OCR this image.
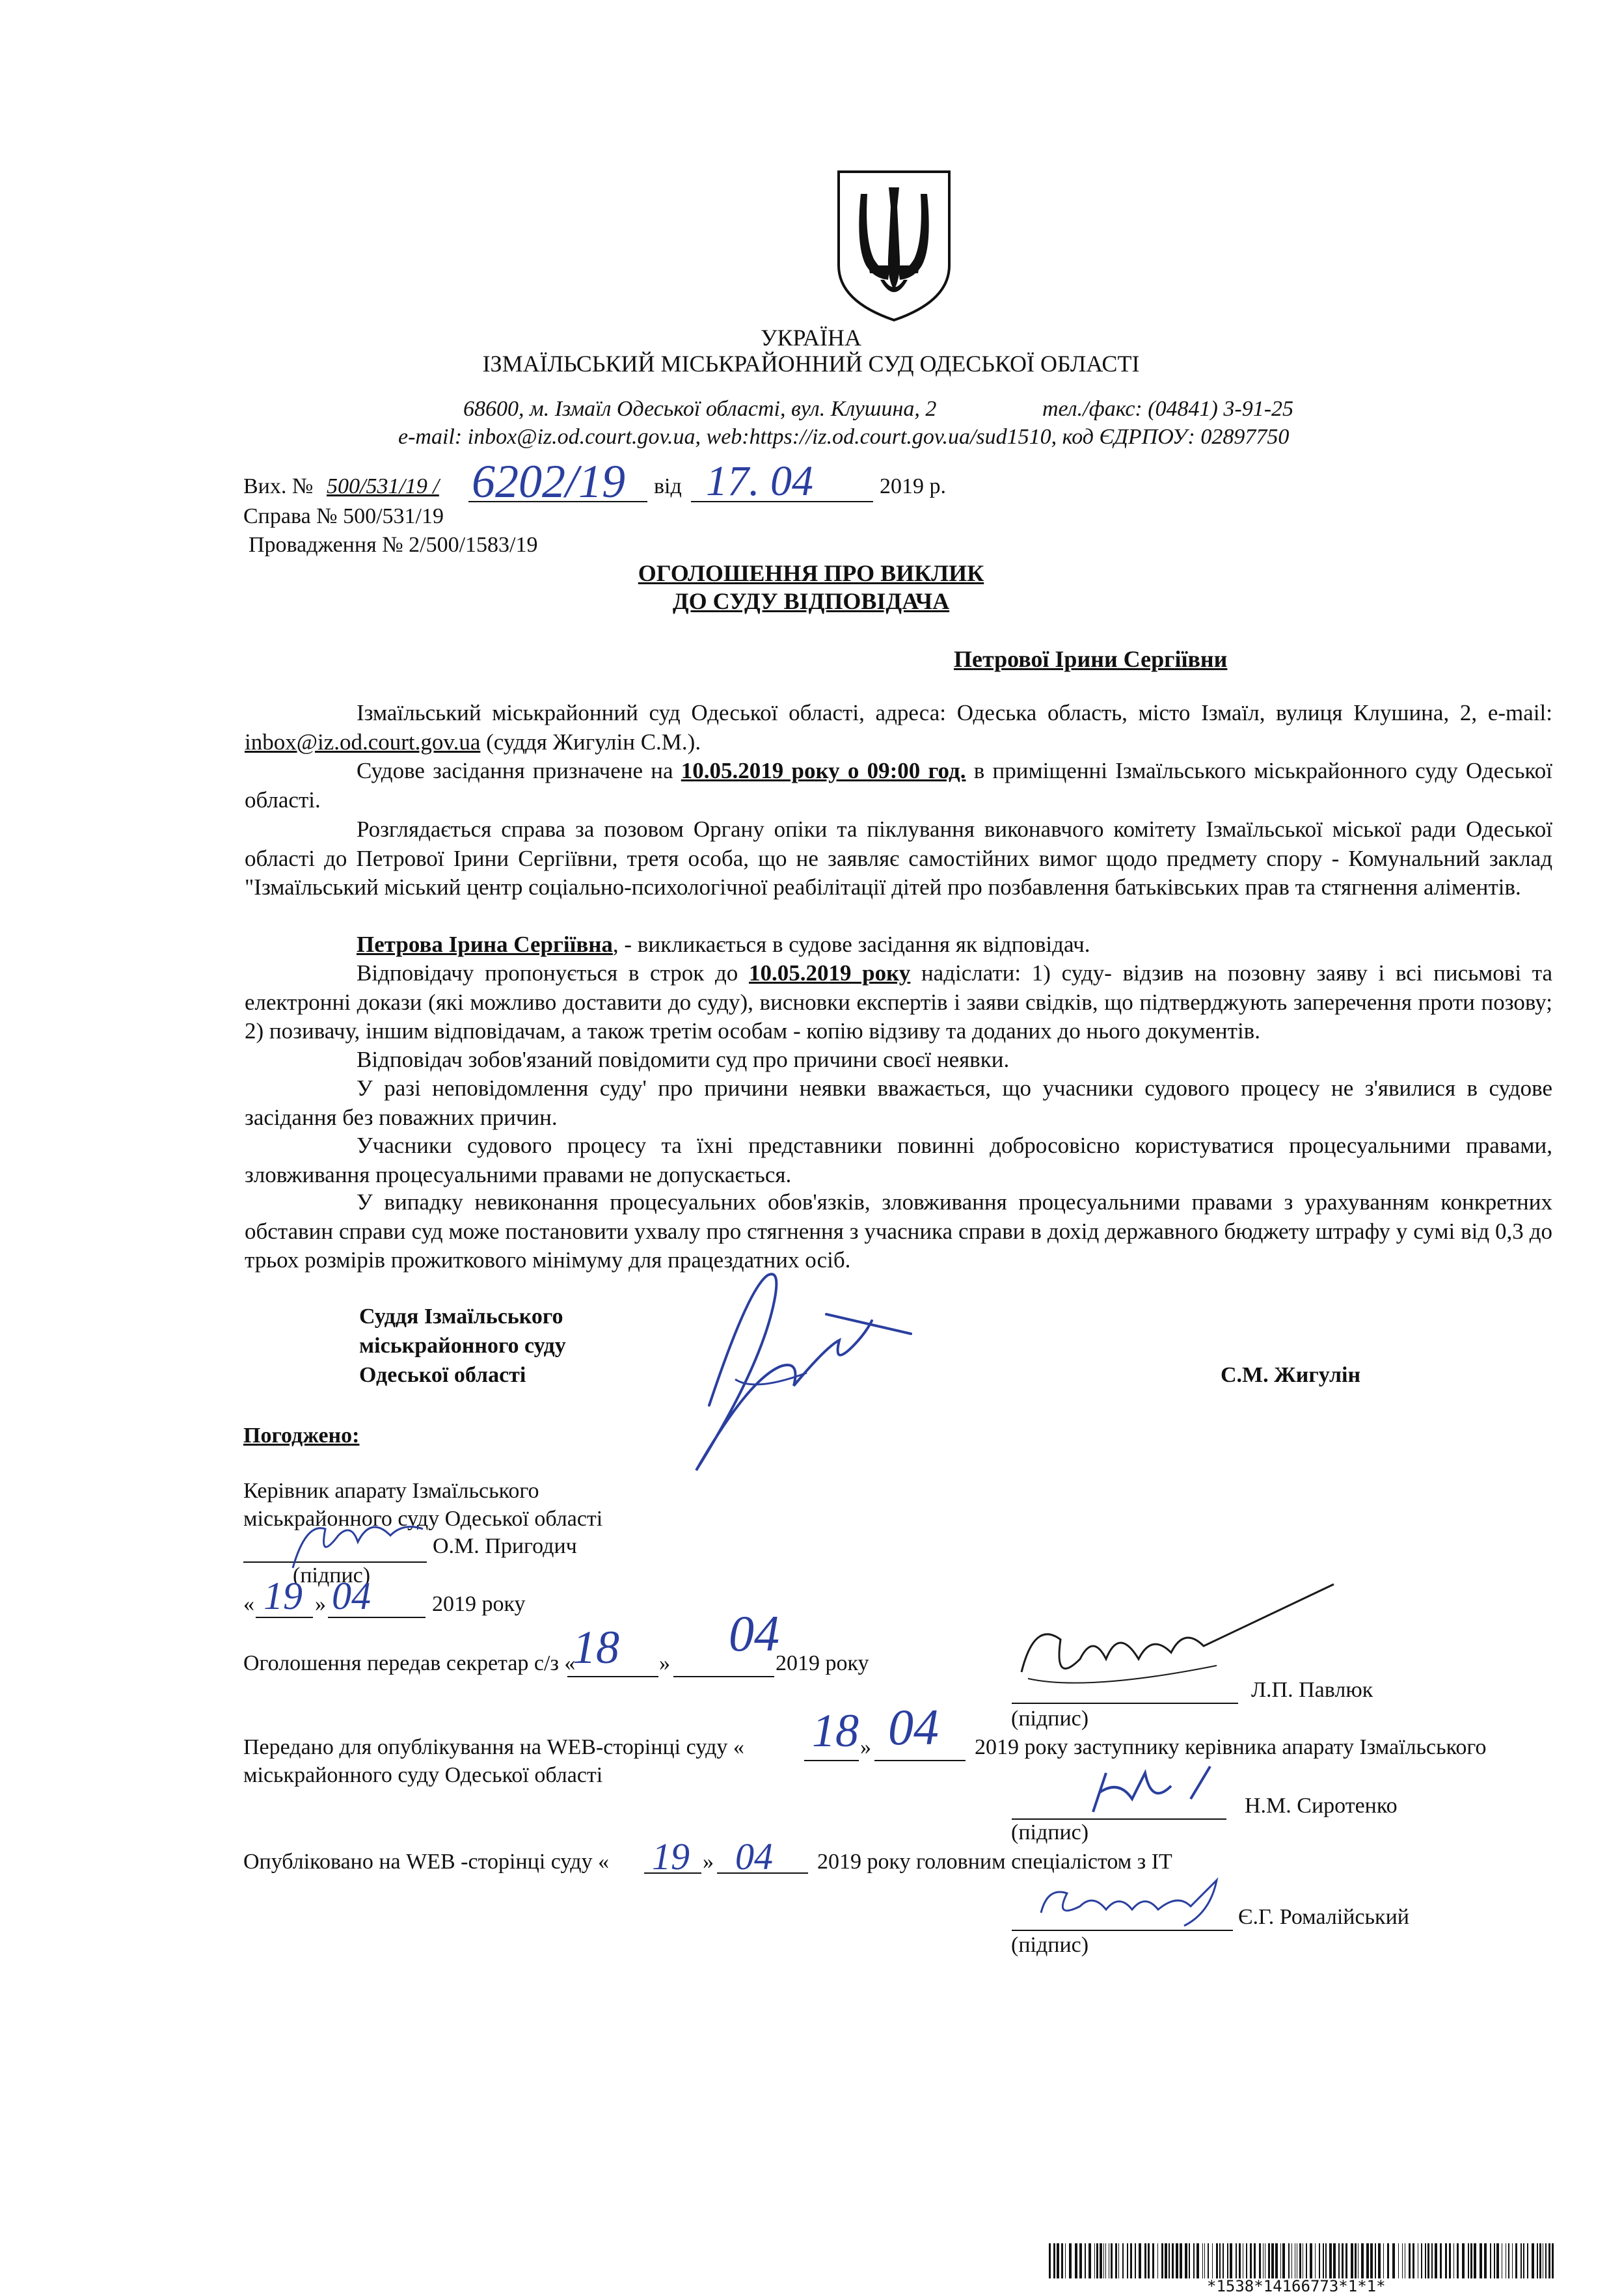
УКРАЇНА
ІЗМАЇЛЬСЬКИЙ МІСЬКРАЙОННИЙ СУД ОДЕСЬКОЇ ОБЛАСТІ
68600, м. Ізмаїл Одеської області, вул. Клушина, 2	тел./факс: (04841) 3-91-25
e-mail: inbox@iz.od.court.gov.ua, web:https://iz.od.court.gov.ua/sud1510, код ЄДРПОУ: 02897750
Вих. № 500/531/19 / 6202/19 від 17. 04	2019 р.
Справа № 500/531/19
Провадження № 2/500/1583/19
ОГОЛОШЕННЯ ПРО ВИКЛИК
ДО СУДУ ВІДПОВІДАЧА
Петрової Ірини Сергіївни
Ізмаїльський міськрайонний суд Одеської області, адреса: Одеська область, місто Ізмаїл, вулиця Клушина, 2, e-mail: inbox@iz.od.court.gov.ua (суддя Жигулін С.М.).
Судове засідання призначене на 10.05.2019 року о 09:00 год. в приміщенні Ізмаїльського міськрайонного суду Одеської області.
Розглядається справа за позовом Органу опіки та піклування виконавчого комітету Ізмаїльської міської ради Одеської області до Петрової Ірини Сергіївни, третя особа, що не заявляє самостійних вимог щодо предмету спору - Комунальний заклад "Ізмаїльський міський центр соціально-психологічної реабілітації дітей про позбавлення батьківських прав та стягнення аліментів.
Петрова Ірина Сергіївна, - викликається в судове засідання як відповідач.
Відповідачу пропонується в строк до 10.05.2019 року надіслати: 1) суду- відзив на позовну заяву і всі письмові та електронні докази (які можливо доставити до суду), висновки експертів і заяви свідків, що підтверджують заперечення проти позову; 2) позивачу, іншим відповідачам, а також третім особам - копію відзиву та доданих до нього документів.
Відповідач зобов'язаний повідомити суд про причини своєї неявки.
У разі неповідомлення суду' про причини неявки вважається, що учасники судового процесу не з'явилися в судове засідання без поважних причин.
Учасники судового процесу та їхні представники повинні добросовісно користуватися процесуальними правами, зловживання процесуальними правами не допускається.
У випадку невиконання процесуальних обов'язків, зловживання процесуальними правами з урахуванням конкретних обставин справи суд може постановити ухвалу про стягнення з учасника справи в дохід державного бюджету штрафу у сумі від 0,3 до трьох розмірів прожиткового мінімуму для працездатних осіб.
Суддя Ізмаїльського
міськрайонного суду
Одеської області	С.М. Жигулін
Погоджено:
Керівник апарату Ізмаїльського
міськрайонного суду Одеської області
О.М. Пригодич
(підпис)
« 19 » 04	2019 року
Оголошення передав секретар с/з «
18 »
04
2019 року
Л.П. Павлюк
(підпис)
Передано для опублікування на WEB-сторінці суду « 18 » 04 2019 року заступнику керівника апарату Ізмаїльського
міськрайонного суду Одеської області
Н.М. Сиротенко
(підпис)
Опубліковано на WEB -сторінці суду « 19 » 04 2019 року головним спеціалістом з IT
Є.Г. Ромалійський
(підпис)
*1538*14166773*1*1*
